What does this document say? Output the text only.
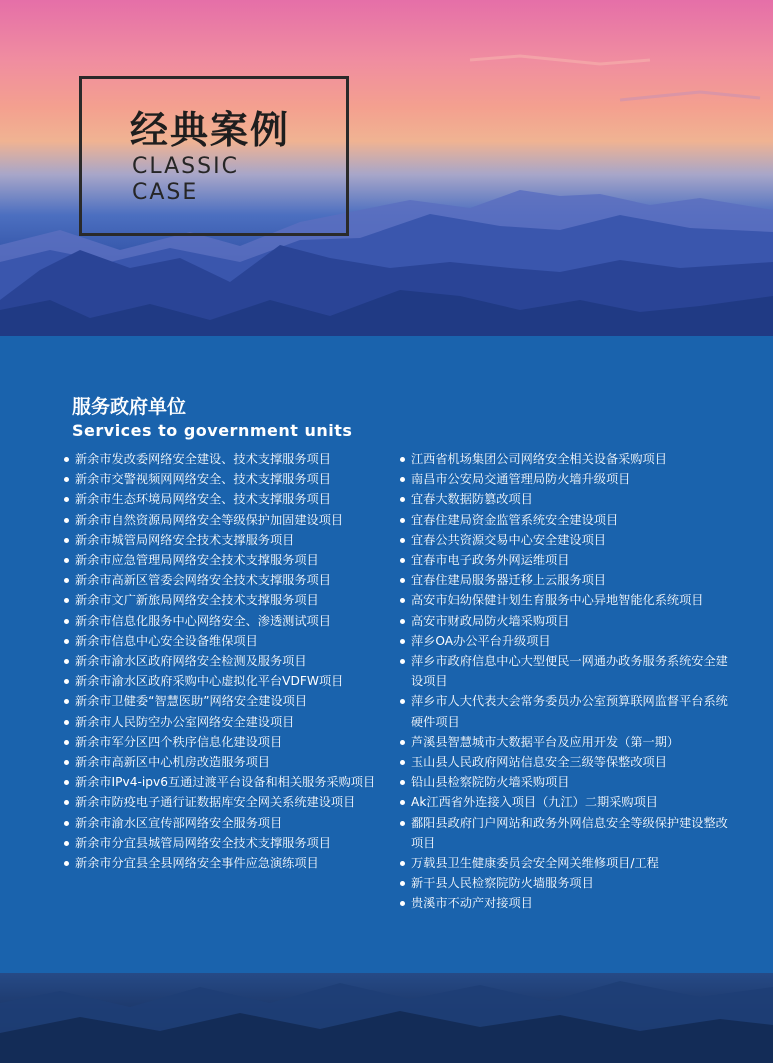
经典案例
CLASSIC
CASE
服务政府单位
Services to government units
新余市发改委网络安全建设、技术支撑服务项目
新余市交警视频网网络安全、技术支撑服务项目
新余市生态环境局网络安全、技术支撑服务项目
新余市自然资源局网络安全等级保护加固建设项目
新余市城管局网络安全技术支撑服务项目
新余市应急管理局网络安全技术支撑服务项目
新余市高新区管委会网络安全技术支撑服务项目
新余市文广新旅局网络安全技术支撑服务项目
新余市信息化服务中心网络安全、渗透测试项目
新余市信息中心安全设备维保项目
新余市渝水区政府网络安全检测及服务项目
新余市渝水区政府采购中心虚拟化平台VDFW项目
新余市卫健委“智慧医助”网络安全建设项目
新余市人民防空办公室网络安全建设项目
新余市军分区四个秩序信息化建设项目
新余市高新区中心机房改造服务项目
新余市IPv4-ipv6互通过渡平台设备和相关服务采购项目
新余市防疫电子通行证数据库安全网关系统建设项目
新余市渝水区宣传部网络安全服务项目
新余市分宜县城管局网络安全技术支撑服务项目
新余市分宜县全县网络安全事件应急演练项目
江西省机场集团公司网络安全相关设备采购项目
南昌市公安局交通管理局防火墙升级项目
宜春大数据防篡改项目
宜春住建局资金监管系统安全建设项目
宜春公共资源交易中心安全建设项目
宜春市电子政务外网运维项目
宜春住建局服务器迁移上云服务项目
高安市妇幼保健计划生育服务中心异地智能化系统项目
高安市财政局防火墙采购项目
萍乡OA办公平台升级项目
萍乡市政府信息中心大型便民一网通办政务服务系统安全建设项目
萍乡市人大代表大会常务委员办公室预算联网监督平台系统硬件项目
芦溪县智慧城市大数据平台及应用开发（第一期）
玉山县人民政府网站信息安全三级等保整改项目
铅山县检察院防火墙采购项目
Ak江西省外连接入项目（九江）二期采购项目
鄱阳县政府门户网站和政务外网信息安全等级保护建设整改项目
万载县卫生健康委员会安全网关维修项目/工程
新干县人民检察院防火墙服务项目
贵溪市不动产对接项目
